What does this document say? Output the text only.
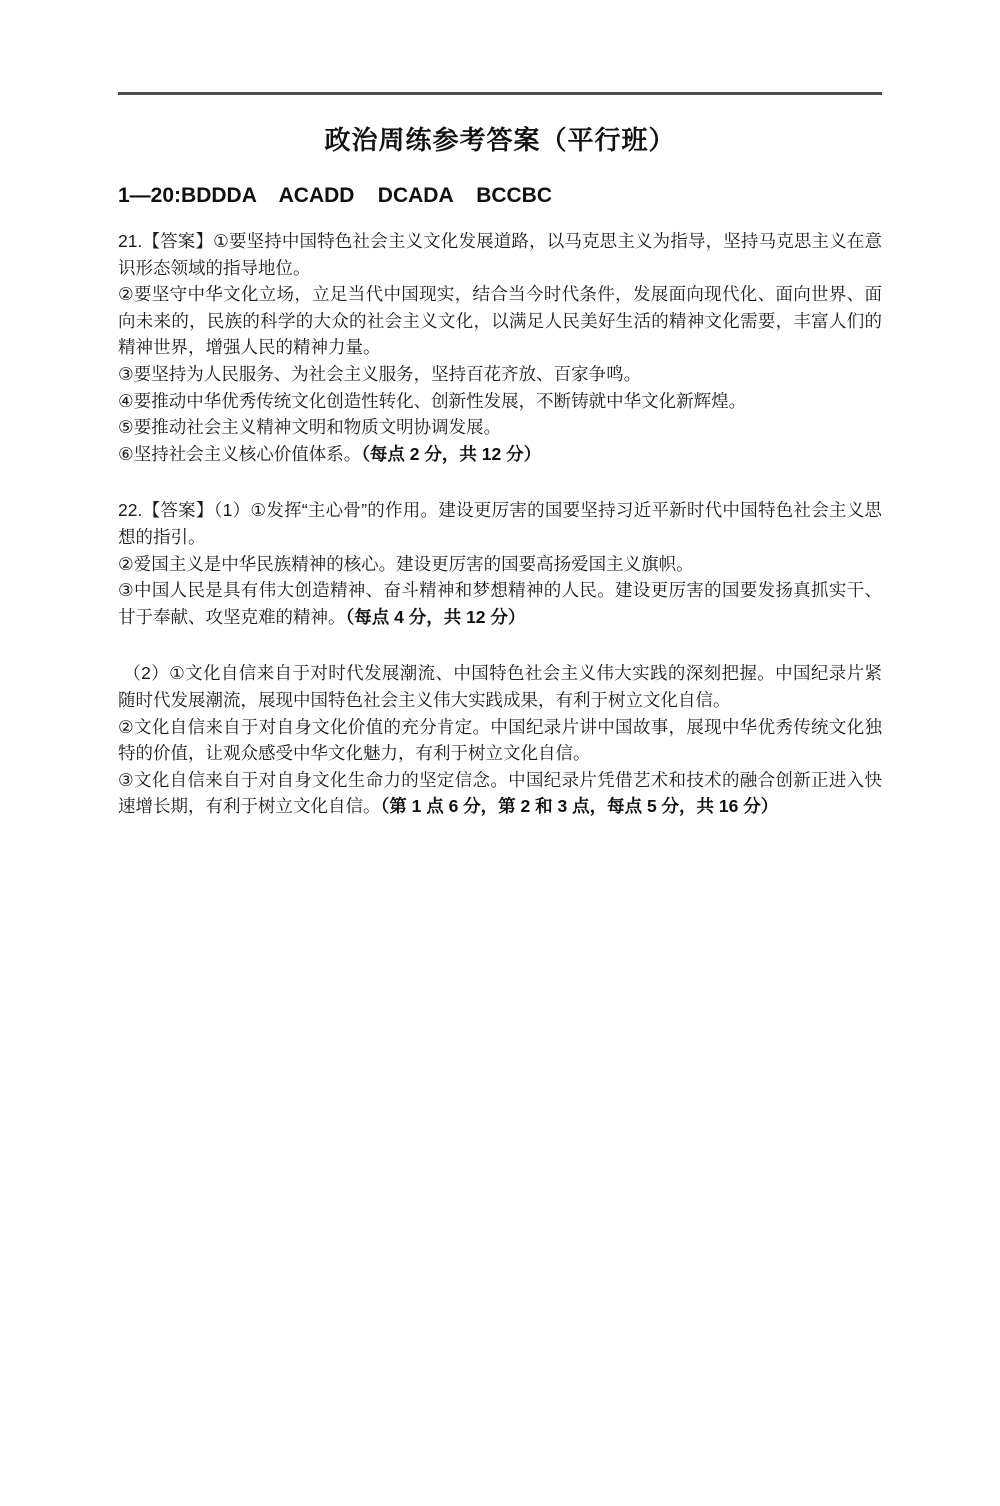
政治周练参考答案（平行班）
1—20:BDDDA    ACADD    DCADA    BCCBC

21.【答案】①要坚持中国特色社会主义文化发展道路，以马克思主义为指导，坚持马克思主义在意识形态领域的指导地位。

②要坚守中华文化立场，立足当代中国现实，结合当今时代条件，发展面向现代化、面向世界、面向未来的，民族的科学的大众的社会主义文化，以满足人民美好生活的精神文化需要，丰富人们的精神世界，增强人民的精神力量。

③要坚持为人民服务、为社会主义服务，坚持百花齐放、百家争鸣。

④要推动中华优秀传统文化创造性转化、创新性发展，不断铸就中华文化新辉煌。

⑤要推动社会主义精神文明和物质文明协调发展。

⑥坚持社会主义核心价值体系。（每点 2 分，共 12 分）

22.【答案】（1）①发挥“主心骨”的作用。建设更厉害的国要坚持习近平新时代中国特色社会主义思想的指引。

②爱国主义是中华民族精神的核心。建设更厉害的国要高扬爱国主义旗帜。

③中国人民是具有伟大创造精神、奋斗精神和梦想精神的人民。建设更厉害的国要发扬真抓实干、甘于奉献、攻坚克难的精神。（每点 4 分，共 12 分）

（2）①文化自信来自于对时代发展潮流、中国特色社会主义伟大实践的深刻把握。中国纪录片紧随时代发展潮流，展现中国特色社会主义伟大实践成果，有利于树立文化自信。

②文化自信来自于对自身文化价值的充分肯定。中国纪录片讲中国故事，展现中华优秀传统文化独特的价值，让观众感受中华文化魅力，有利于树立文化自信。

③文化自信来自于对自身文化生命力的坚定信念。中国纪录片凭借艺术和技术的融合创新正进入快速增长期，有利于树立文化自信。（第 1 点 6 分，第 2 和 3 点，每点 5 分，共 16 分）
